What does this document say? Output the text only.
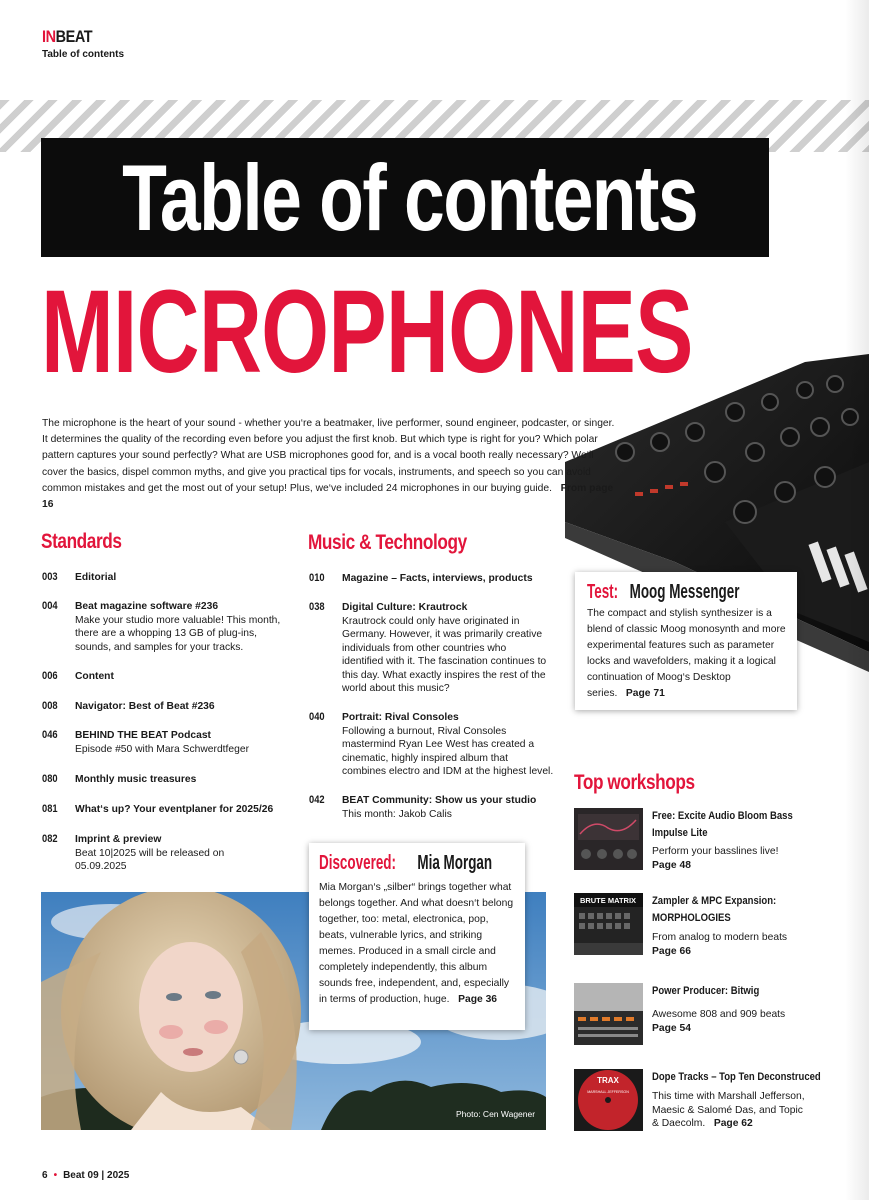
INBEAT
Table of contents
Table of contents
MICROPHONES
The microphone is the heart of your sound - whether you‘re a beatmaker, live performer, sound engineer, podcaster, or singer. It determines the quality of the recording even before you adjust the first knob. But which type is right for you? Which polar pattern captures your sound perfectly? What are USB microphones good for, and is a vocal booth really necessary? We‘ll cover the basics, dispel common myths, and give you practical tips for vocals, instruments, and speech so you can avoid common mistakes and get the most out of your setup! Plus, we‘ve included 24 microphones in our buying guide. From page 16
Standards
003 Editorial
004 Beat magazine software #236
Make your studio more valuable! This month, there are a whopping 13 GB of plug-ins, sounds, and samples for your tracks.
006 Content
008 Navigator: Best of Beat #236
046 BEHIND THE BEAT Podcast
Episode #50 with Mara Schwerdtfeger
080 Monthly music treasures
081 What‘s up? Your eventplaner for 2025/26
082 Imprint & preview
Beat 10|2025 will be released on 05.09.2025
Music & Technology
010 Magazine – Facts, interviews, products
038 Digital Culture: Krautrock
Krautrock could only have originated in Germany. However, it was primarily creative individuals from other countries who identified with it. The fascination continues to this day. What exactly inspires the rest of the world about this music?
040 Portrait: Rival Consoles
Following a burnout, Rival Consoles mastermind Ryan Lee West has created a cinematic, highly inspired album that combines electro and IDM at the highest level.
042 BEAT Community: Show us your studio
This month: Jakob Calis
Test: Moog Messenger
The compact and stylish synthesizer is a blend of classic Moog monosynth and more experimental features such as parameter locks and wavefolders, making it a logical continuation of Moog‘s Desktop series. Page 71
Photo: Cen Wagener
Discovered: Mia Morgan
Mia Morgan‘s „silber“ brings together what belongs together. And what doesn‘t belong together, too: metal, electronica, pop, beats, vulnerable lyrics, and striking memes. Produced in a small circle and completely independently, this album sounds free, independent, and, especially in terms of production, huge. Page 36
Top workshops
Free: Excite Audio Bloom Bass Impulse Lite
Perform your basslines live!
Page 48
BRUTE MATRIX Zampler & MPC Expansion: MORPHOLOGIES
From analog to modern beats
Page 66
Power Producer: Bitwig
Awesome 808 and 909 beats
Page 54
TRAX
MARSHALL JEFFERSON
Dope Tracks – Top Ten Deconstruced
This time with Marshall Jefferson, Maesic & Salomé Das, and Topic & Daecolm. Page 62
6 • Beat 09 | 2025
